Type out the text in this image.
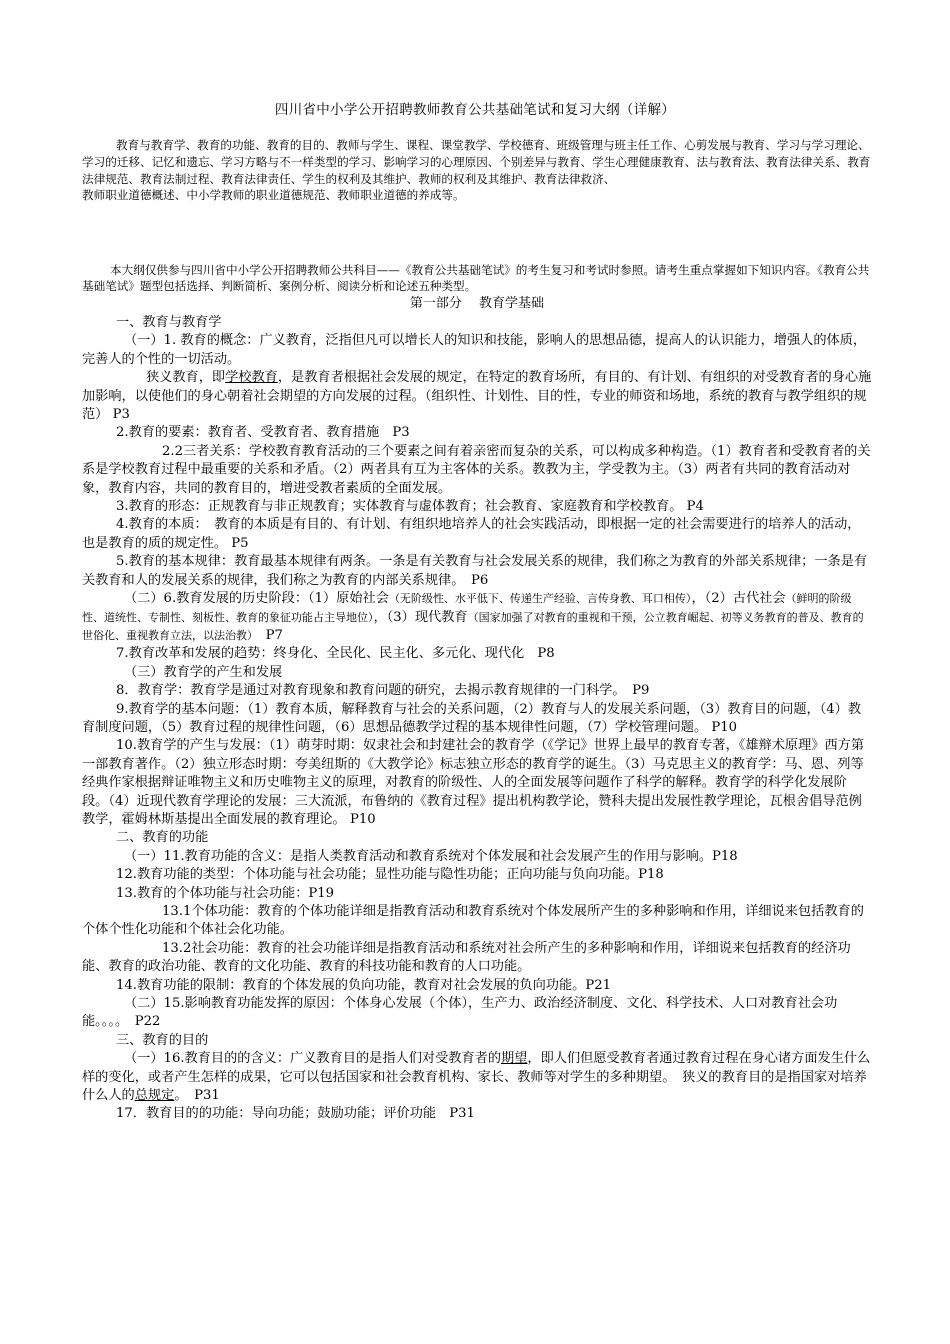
四川省中小学公开招聘教师教育公共基础笔试和复习大纲（详解）

教育与教育学、教育的功能、教育的目的、教师与学生、课程、课堂教学、学校德育、班级管理与班主任工作、心剪发展与教育、学习与学习理论、学习的迁移、记忆和遗忘、学习方略与不一样类型的学习、影响学习的心理原因、个别差异与教育、学生心理健康教育、法与教育法、教育法律关系、教育法律规范、教育法制过程、教育法律责任、学生的权利及其维护、教师的权利及其维护、教育法律救济、

教师职业道德概述、中小学教师的职业道德规范、教师职业道德的养成等。

本大纲仅供参与四川省中小学公开招聘教师公共科目——《教育公共基础笔试》的考生复习和考试时参照。请考生重点掌握如下知识内容。《教育公共基础笔试》题型包括选择、判断简析、案例分析、阅读分析和论述五种类型。

第一部分　 教育学基础

一、教育与教育学

（一）1. 教育的概念：广义教育，泛指但凡可以增长人的知识和技能，影响人的思想品德，提高人的认识能力，增强人的体质，完善人的个性的一切活动。

狭义教育，即学校教育，是教育者根据社会发展的规定，在特定的教育场所，有目的、有计划、有组织的对受教育者的身心施加影响，以使他们的身心朝着社会期望的方向发展的过程。（组织性、计划性、目的性，专业的师资和场地，系统的教育与教学组织的规范） P3

2.教育的要素：教育者、受教育者、教育措施　P3

2.2三者关系：学校教育教育活动的三个要素之间有着亲密而复杂的关系，可以构成多种构造。（1）教育者和受教育者的关系是学校教育过程中最重要的关系和矛盾。（2）两者具有互为主客体的关系。教教为主，学受教为主。（3）两者有共同的教育活动对象，教育内容，共同的教育目的，增进受教者素质的全面发展。

3.教育的形态：正规教育与非正规教育；实体教育与虚体教育；社会教育、家庭教育和学校教育。 P4

4.教育的本质：　教育的本质是有目的、有计划、有组织地培养人的社会实践活动，即根据一定的社会需要进行的培养人的活动，也是教育的质的规定性。 P5

5.教育的基本规律：教育最基本规律有两条。一条是有关教育与社会发展关系的规律，我们称之为教育的外部关系规律；一条是有关教育和人的发展关系的规律，我们称之为教育的内部关系规律。　P6

（二）6.教育发展的历史阶段：（1）原始社会（无阶级性、水平低下、传递生产经验、言传身教、耳口相传），（2）古代社会（鲜明的阶级性、道统性、专制性、刻板性、教育的象征功能占主导地位），（3）现代教育（国家加强了对教育的重视和干预，公立教育崛起、初等义务教育的普及、教育的世俗化、重视教育立法，以法治教）　P7

7.教育改革和发展的趋势：终身化、全民化、民主化、多元化、现代化　P8

（三）教育学的产生和发展

8．教育学：教育学是通过对教育现象和教育问题的研究，去揭示教育规律的一门科学。　P9

9.教育学的基本问题：（1）教育本质，解释教育与社会的关系问题，（2）教育与人的发展关系问题，（3）教育目的问题，（4）教育制度问题，（5）教育过程的规律性问题，（6）思想品德教学过程的基本规律性问题，（7）学校管理问题。 P10

10.教育学的产生与发展：（1）萌芽时期：奴隶社会和封建社会的教育学（《学记》世界上最早的教育专著，《雄辩术原理》西方第一部教育著作。（2）独立形态时期：夸美纽斯的《大教学论》标志独立形态的教育学的诞生。（3）马克思主义的教育学：马、恩、列等经典作家根据辩证唯物主义和历史唯物主义的原理，对教育的阶级性、人的全面发展等问题作了科学的解释。教育学的科学化发展阶段。（4）近现代教育学理论的发展：三大流派，布鲁纳的《教育过程》提出机构教学论，赞科夫提出发展性教学理论，瓦根舍倡导范例教学，霍姆林斯基提出全面发展的教育理论。 P10

二、教育的功能

（一）11.教育功能的含义：是指人类教育活动和教育系统对个体发展和社会发展产生的作用与影响。P18

12.教育功能的类型：个体功能与社会功能；显性功能与隐性功能；正向功能与负向功能。P18

13.教育的个体功能与社会功能：P19

13.1个体功能：教育的个体功能详细是指教育活动和教育系统对个体发展所产生的多种影响和作用，详细说来包括教育的个体个性化功能和个体社会化功能。

13.2社会功能：教育的社会功能详细是指教育活动和系统对社会所产生的多种影响和作用，详细说来包括教育的经济功能、教育的政治功能、教育的文化功能、教育的科技功能和教育的人口功能。

14.教育功能的限制：教育的个体发展的负向功能，教育对社会发展的负向功能。P21

（二）15.影响教育功能发挥的原因：个体身心发展（个体），生产力、政治经济制度、文化、科学技术、人口对教育社会功能。。。。　P22

三、教育的目的

（一）16.教育目的的含义：广义教育目的是指人们对受教育者的期望，即人们但愿受教育者通过教育过程在身心诸方面发生什么样的变化，或者产生怎样的成果，它可以包括国家和社会教育机构、家长、教师等对学生的多种期望。　狭义的教育目的是指国家对培养什么人的总规定。　P31

17．教育目的的功能：导向功能；鼓励功能；评价功能　P31
